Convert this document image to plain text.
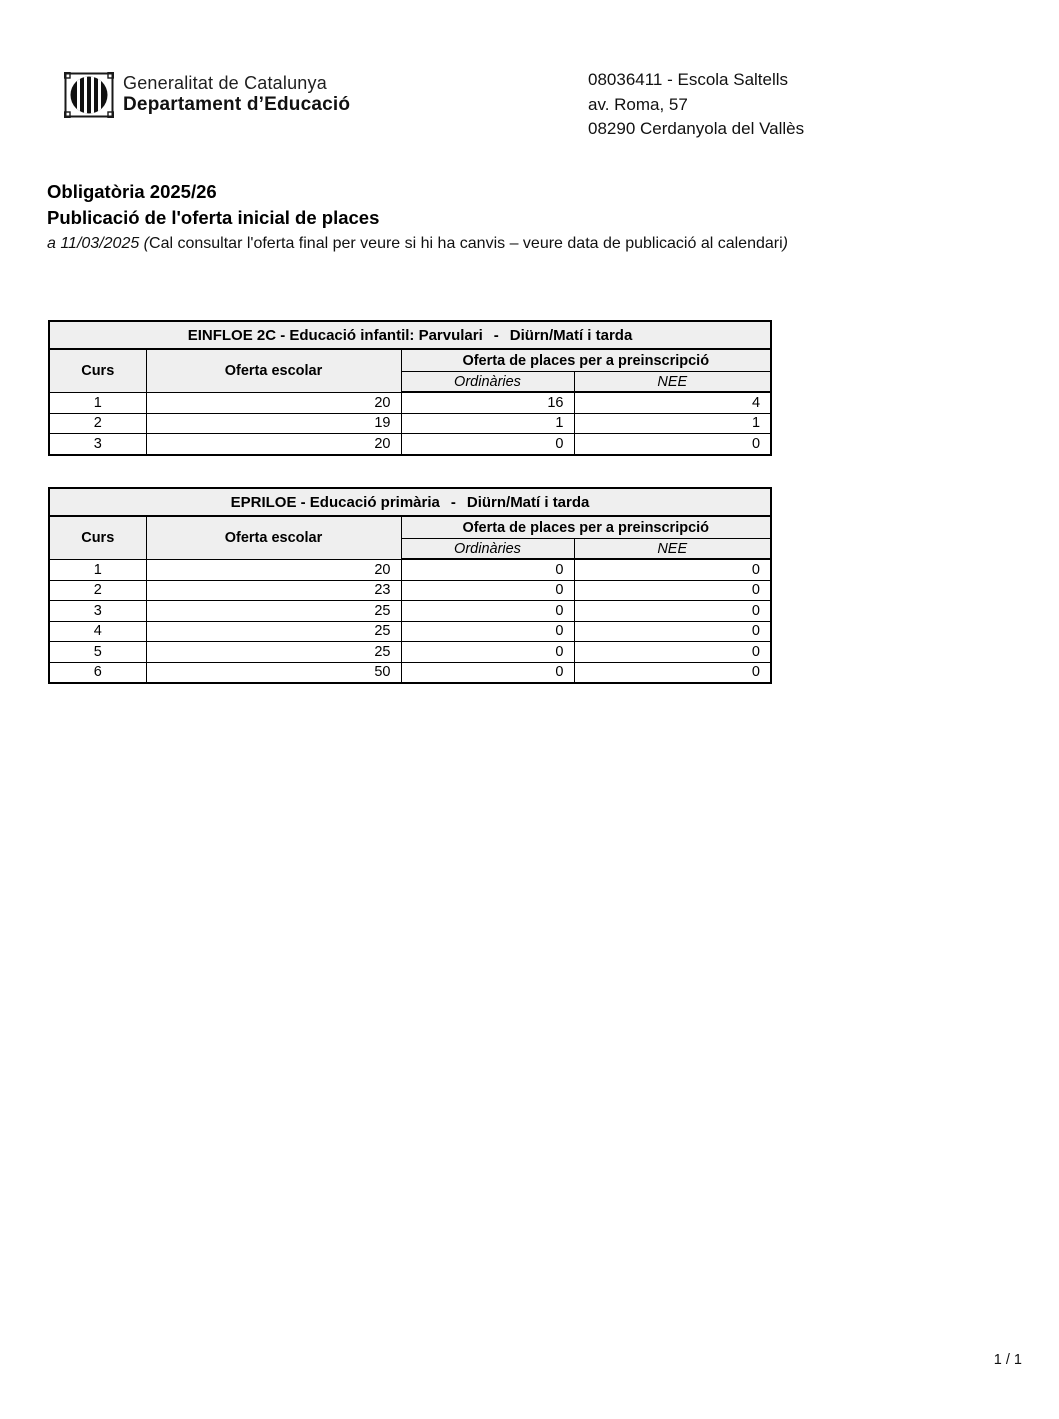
Generalitat de Catalunya
Departament d’Educació
08036411 - Escola Saltells
av. Roma, 57
08290 Cerdanyola del Vallès
Obligatòria 2025/26
Publicació de l'oferta inicial de places

a 11/03/2025 (Cal consultar l'oferta final per veure si hi ha canvis – veure data de publicació al calendari)

EINFLOE 2C - Educació infantil: Parvulari - Diürn/Matí i tarda			
Curs	Oferta escolar	Oferta de places per a preinscripció	
		Ordinàries	NEE
1	20	16	4
2	19	1	1
3	20	0	0
EPRILOE - Educació primària - Diürn/Matí i tarda			
Curs	Oferta escolar	Oferta de places per a preinscripció	
		Ordinàries	NEE
1	20	0	0
2	23	0	0
3	25	0	0
4	25	0	0
5	25	0	0
6	50	0	0
1 / 1
